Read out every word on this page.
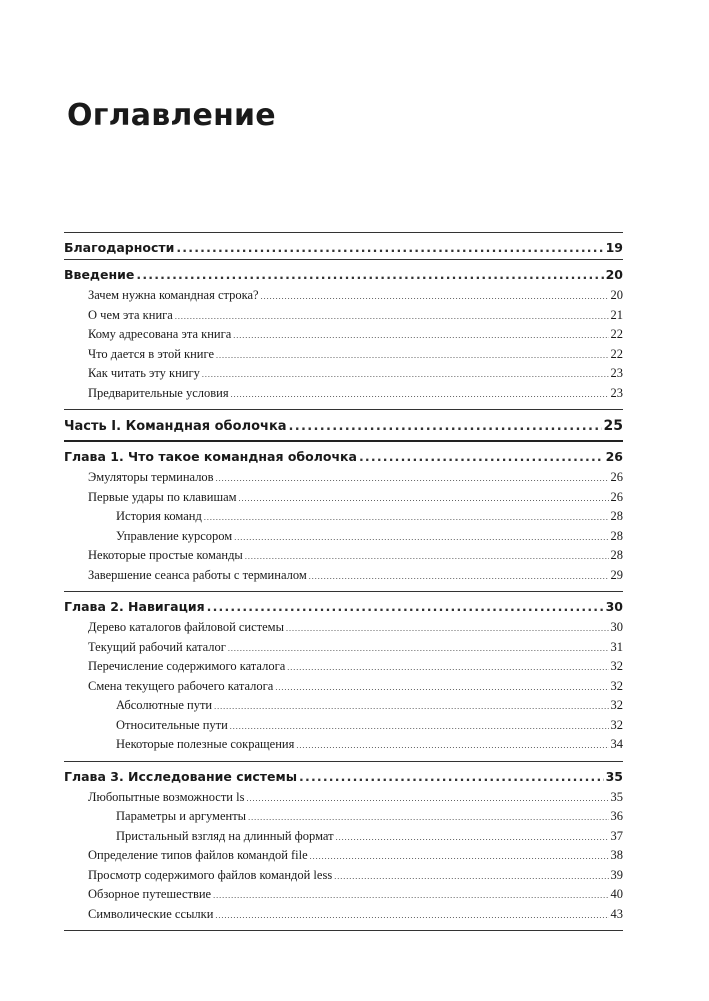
Оглавление
Благодарности .....	19
Введение .....	20
Зачем нужна командная строка? .....	20
О чем эта книга .....	21
Кому адресована эта книга .....	22
Что дается в этой книге .....	22
Как читать эту книгу .....	23
Предварительные условия .....	23
Часть I. Командная оболочка .....	25
Глава 1. Что такое командная оболочка .....	26
Эмуляторы терминалов .....	26
Первые удары по клавишам .....	26
История команд .....	28
Управление курсором .....	28
Некоторые простые команды .....	28
Завершение сеанса работы с терминалом .....	29
Глава 2. Навигация .....	30
Дерево каталогов файловой системы .....	30
Текущий рабочий каталог .....	31
Перечисление содержимого каталога .....	32
Смена текущего рабочего каталога .....	32
Абсолютные пути .....	32
Относительные пути .....	32
Некоторые полезные сокращения .....	34
Глава 3. Исследование системы .....	35
Любопытные возможности ls .....	35
Параметры и аргументы .....	36
Пристальный взгляд на длинный формат .....	37
Определение типов файлов командой file .....	38
Просмотр содержимого файлов командой less .....	39
Обзорное путешествие .....	40
Символические ссылки .....	43
